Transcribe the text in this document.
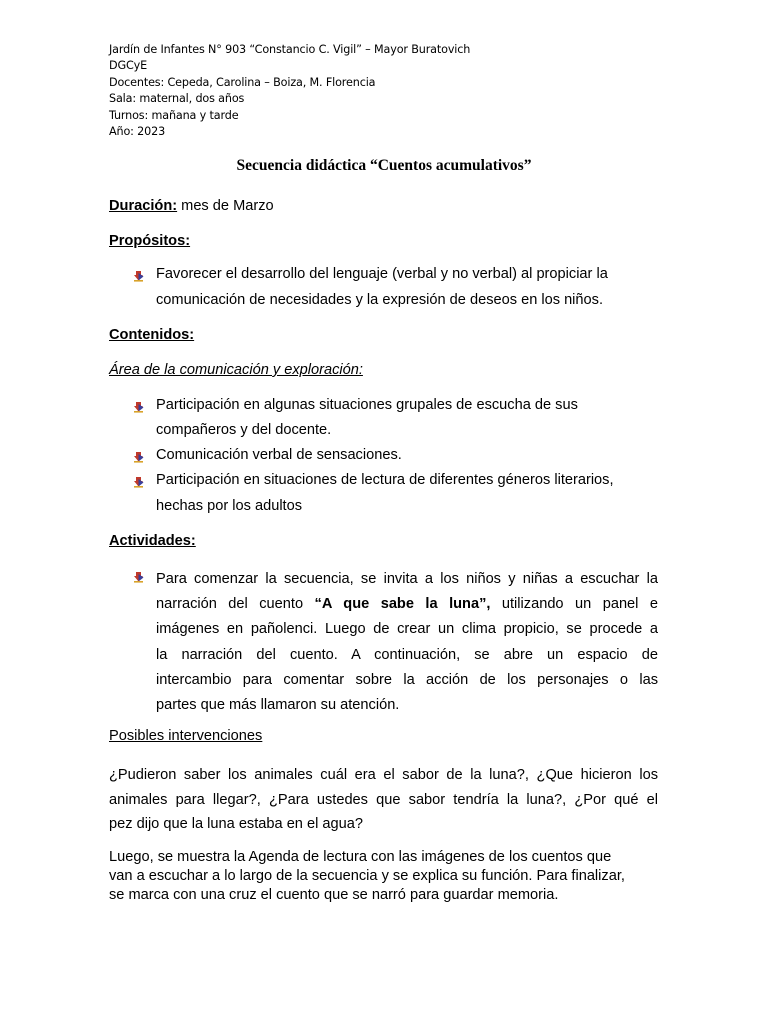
Jardín de Infantes N° 903 “Constancio C. Vigil” – Mayor Buratovich
DGCyE
Docentes: Cepeda, Carolina – Boiza, M. Florencia
Sala: maternal, dos años
Turnos: mañana y tarde
Año: 2023
Secuencia didáctica “Cuentos acumulativos”
Duración: mes de Marzo
Propósitos:
Favorecer el desarrollo del lenguaje (verbal y no verbal) al propiciar la
comunicación de necesidades y la expresión de deseos en los niños.
Contenidos:
Área de la comunicación y exploración:
Participación en algunas situaciones grupales de escucha de sus
compañeros y del docente.
Comunicación verbal de sensaciones.
Participación en situaciones de lectura de diferentes géneros literarios,
hechas por los adultos
Actividades:
Para comenzar la secuencia, se invita a los niños y niñas a escuchar la
narración del cuento “A que sabe la luna”, utilizando un panel e
imágenes en pañolenci. Luego de crear un clima propicio, se procede a
la narración del cuento. A continuación, se abre un espacio de
intercambio para comentar sobre la acción de los personajes o las
partes que más llamaron su atención.
Posibles intervenciones
¿Pudieron saber los animales cuál era el sabor de la luna?, ¿Que hicieron los
animales para llegar?, ¿Para ustedes que sabor tendría la luna?, ¿Por qué el
pez dijo que la luna estaba en el agua?
Luego, se muestra la Agenda de lectura con las imágenes de los cuentos que
van a escuchar a lo largo de la secuencia y se explica su función. Para finalizar,
se marca con una cruz el cuento que se narró para guardar memoria.
